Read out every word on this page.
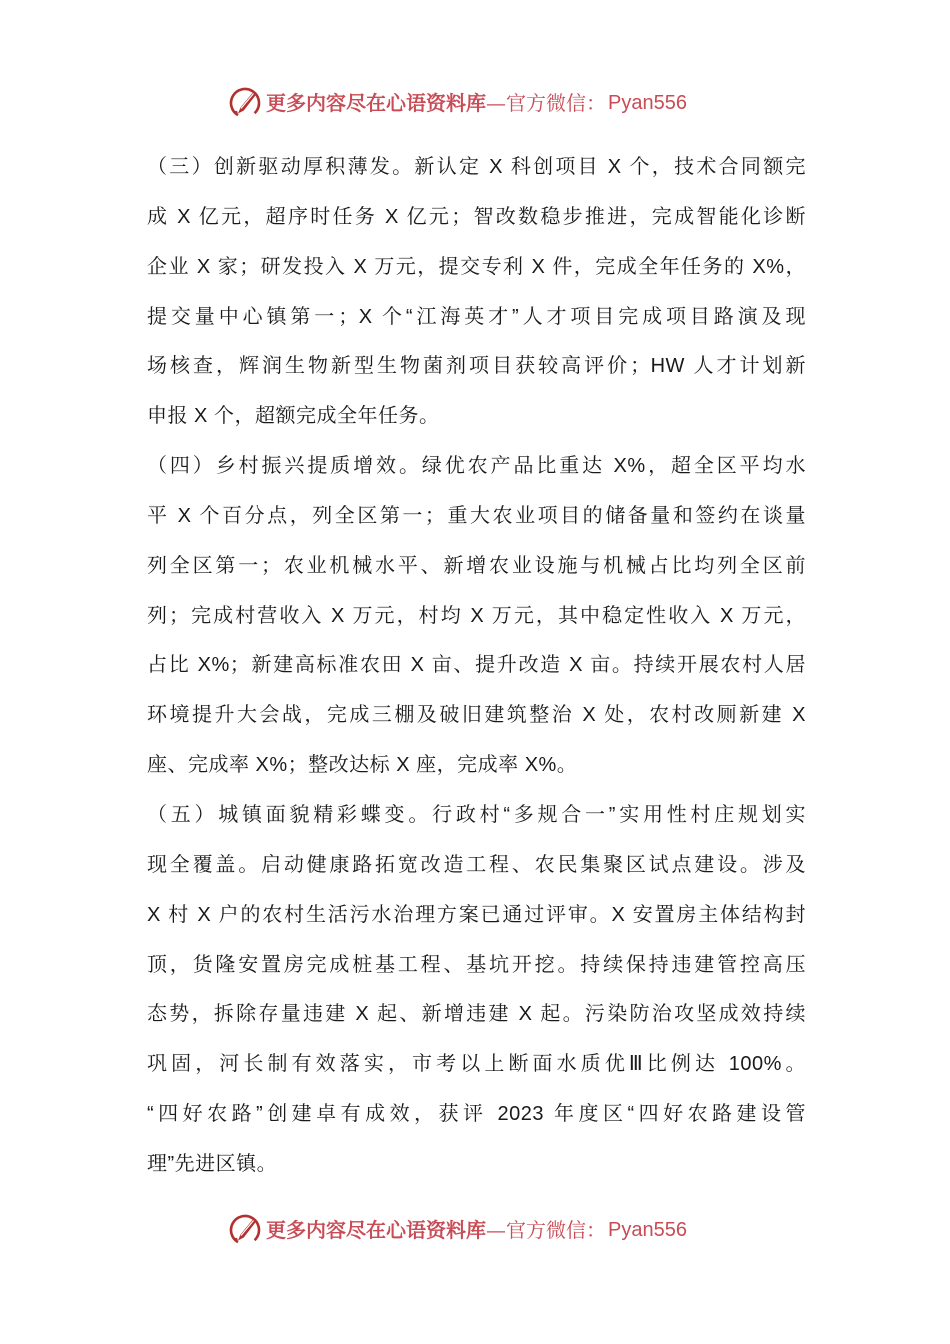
更多内容尽在心语资料库 —官方微信： Pyan556
（三）创新驱动厚积薄发。新认定 X 科创项目 X 个，技术合同额完
成 X 亿元，超序时任务 X 亿元；智改数稳步推进，完成智能化诊断
企业 X 家；研发投入 X 万元，提交专利 X 件，完成全年任务的 X%，
提交量中心镇第一；X 个“江海英才”人才项目完成项目路演及现
场核查，辉润生物新型生物菌剂项目获较高评价；HW 人才计划新
申报 X 个，超额完成全年任务。
（四）乡村振兴提质增效。绿优农产品比重达 X%，超全区平均水
平 X 个百分点，列全区第一；重大农业项目的储备量和签约在谈量
列全区第一；农业机械水平、新增农业设施与机械占比均列全区前
列；完成村营收入 X 万元，村均 X 万元，其中稳定性收入 X 万元，
占比 X%；新建高标准农田 X 亩、提升改造 X 亩。持续开展农村人居
环境提升大会战，完成三棚及破旧建筑整治 X 处，农村改厕新建 X
座、完成率 X%；整改达标 X 座，完成率 X%。
（五）城镇面貌精彩蝶变。行政村“多规合一”实用性村庄规划实
现全覆盖。启动健康路拓宽改造工程、农民集聚区试点建设。涉及
X 村 X 户的农村生活污水治理方案已通过评审。X 安置房主体结构封
顶，货隆安置房完成桩基工程、基坑开挖。持续保持违建管控高压
态势，拆除存量违建 X 起、新增违建 X 起。污染防治攻坚成效持续
巩固，河长制有效落实，市考以上断面水质优Ⅲ比例达 100%。
“四好农路”创建卓有成效，获评 2023 年度区“四好农路建设管
理”先进区镇。
更多内容尽在心语资料库 —官方微信： Pyan556
